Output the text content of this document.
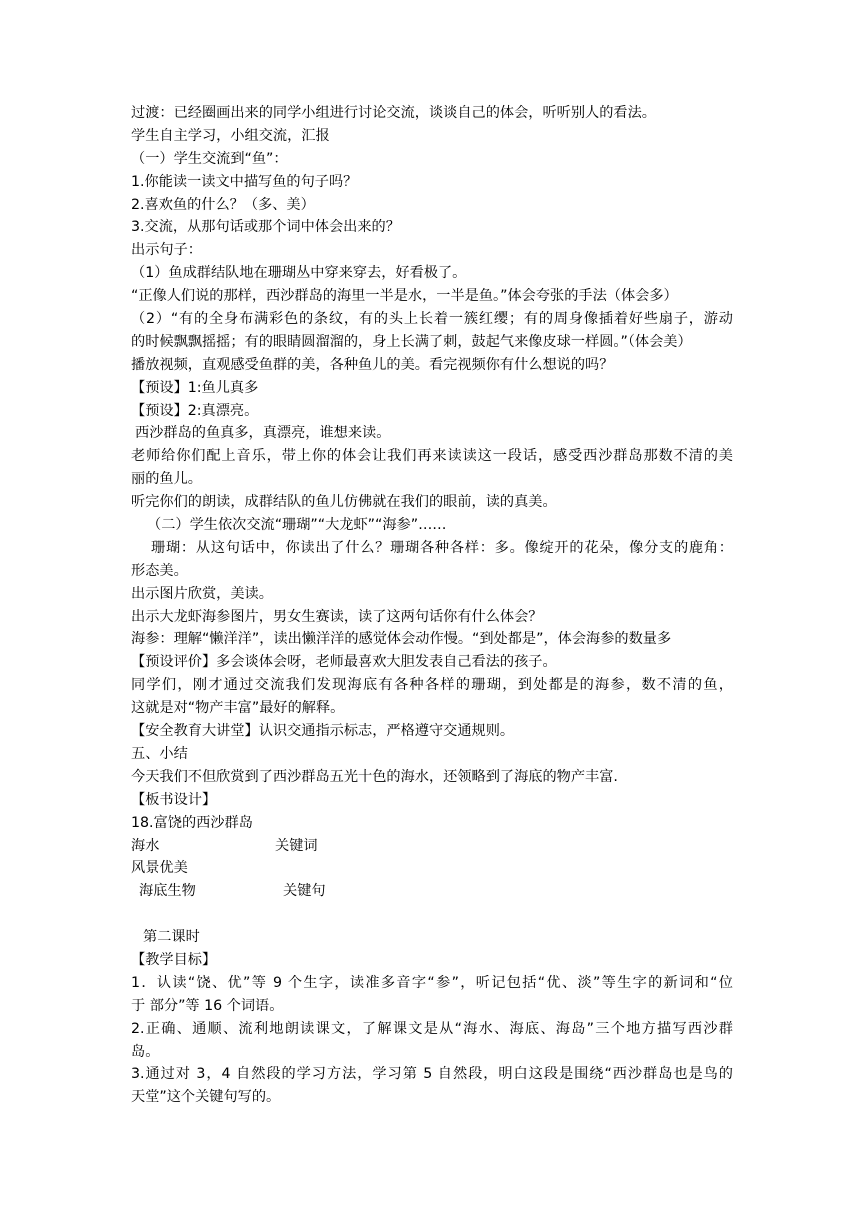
过渡：已经圈画出来的同学小组进行讨论交流，谈谈自己的体会，听听别人的看法。
学生自主学习，小组交流，汇报
（一）学生交流到“鱼”：
1.你能读一读文中描写鱼的句子吗？
2.喜欢鱼的什么？（多、美）
3.交流，从那句话或那个词中体会出来的？
出示句子：
（1）鱼成群结队地在珊瑚丛中穿来穿去，好看极了。
“正像人们说的那样，西沙群岛的海里一半是水，一半是鱼。”体会夸张的手法（体会多）
（2）“有的全身布满彩色的条纹，有的头上长着一簇红缨；有的周身像插着好些扇子，游动
的时候飘飘摇摇；有的眼睛圆溜溜的，身上长满了刺，鼓起气来像皮球一样圆。”（体会美）
播放视频，直观感受鱼群的美，各种鱼儿的美。看完视频你有什么想说的吗？
【预设】1:鱼儿真多
【预设】2:真漂亮。
西沙群岛的鱼真多，真漂亮，谁想来读。
老师给你们配上音乐，带上你的体会让我们再来读读这一段话，感受西沙群岛那数不清的美
丽的鱼儿。
听完你们的朗读，成群结队的鱼儿仿佛就在我们的眼前，读的真美。
（二）学生依次交流“珊瑚”“大龙虾”“海参”……
珊瑚：从这句话中，你读出了什么？珊瑚各种各样：多。像绽开的花朵，像分支的鹿角：
形态美。
出示图片欣赏，美读。
出示大龙虾海参图片，男女生赛读，读了这两句话你有什么体会？
海参：理解“懒洋洋”，读出懒洋洋的感觉体会动作慢。“到处都是”，体会海参的数量多
【预设评价】多会谈体会呀，老师最喜欢大胆发表自己看法的孩子。
同学们，刚才通过交流我们发现海底有各种各样的珊瑚，到处都是的海参，数不清的鱼，
这就是对“物产丰富”最好的解释。
【安全教育大讲堂】认识交通指示标志，严格遵守交通规则。
五、小结
今天我们不但欣赏到了西沙群岛五光十色的海水，还领略到了海底的物产丰富.
【板书设计】
18.富饶的西沙群岛
海水	关键词
风景优美
海底生物	关键句
第二课时
【教学目标】
1．认读“饶、优”等 9 个生字，读准多音字“参”，听记包括“优、淡”等生字的新词和“位
于 部分”等 16 个词语。
2.正确、通顺、流利地朗读课文，了解课文是从“海水、海底、海岛”三个地方描写西沙群
岛。
3.通过对 3，4 自然段的学习方法，学习第 5 自然段，明白这段是围绕“西沙群岛也是鸟的
天堂”这个关键句写的。
